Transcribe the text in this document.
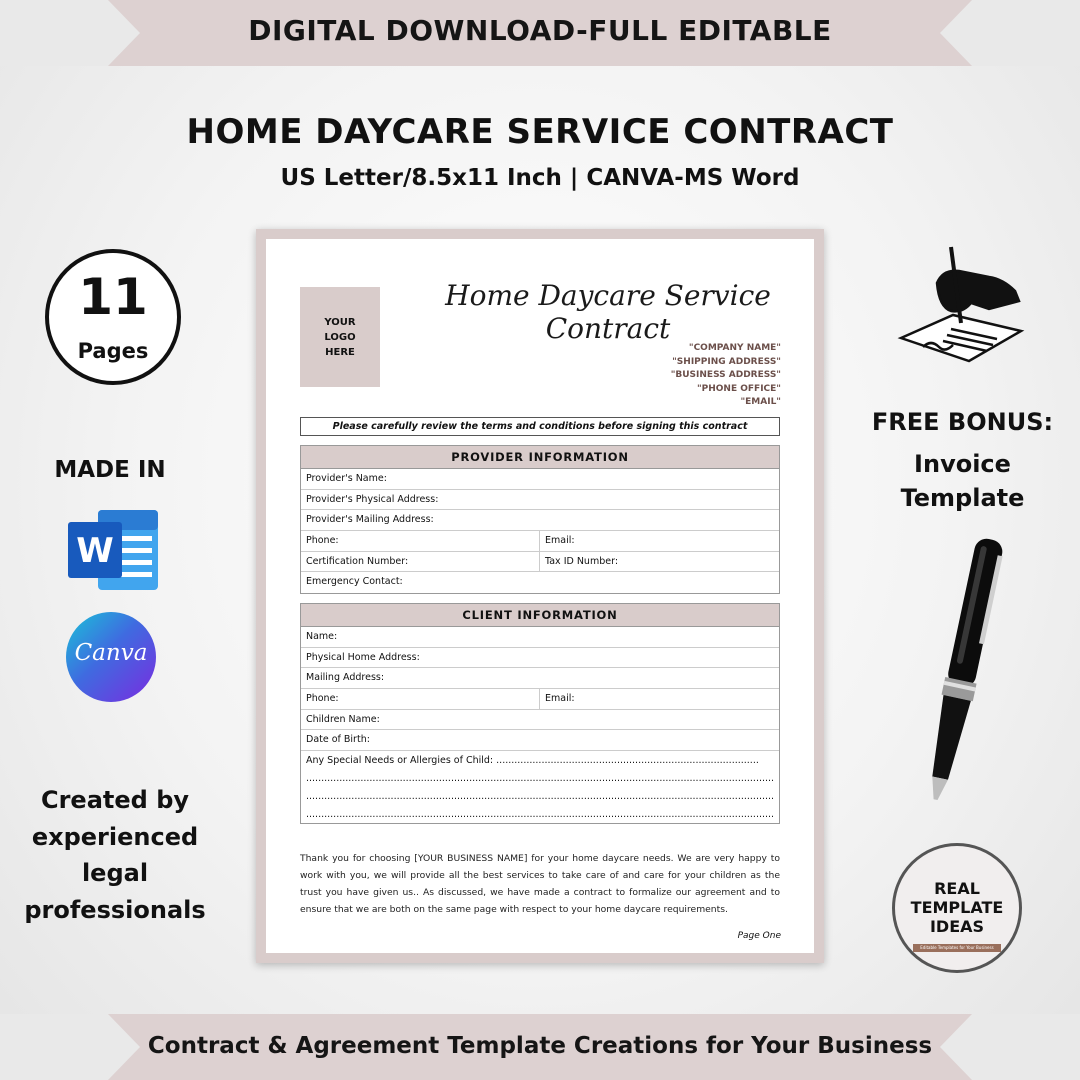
DIGITAL DOWNLOAD-FULL EDITABLE
HOME DAYCARE SERVICE CONTRACT
US Letter/8.5x11 Inch | CANVA-MS Word
11
Pages
MADE IN
W
Canva
Created by
experienced
legal
professionals
FREE BONUS:
Invoice
Template
REAL
TEMPLATE
IDEAS
Editable Templates for Your Business
YOUR
LOGO
HERE
Home Daycare Service Contract
"COMPANY NAME"
"SHIPPING ADDRESS"
"BUSINESS ADDRESS"
"PHONE OFFICE"
"EMAIL"
Please carefully review the terms and conditions before signing this contract
PROVIDER INFORMATION
Provider's Name:
Provider's Physical Address:
Provider's Mailing Address:
Phone:	Email:
Certification Number:	Tax ID Number:
Emergency Contact:
CLIENT INFORMATION
Name:
Physical Home Address:
Mailing Address:
Phone:	Email:
Children Name:
Date of Birth:
Any Special Needs or Allergies of Child: .......................................................................................
...........................................................................................................................................................
...........................................................................................................................................................
...........................................................................................................................................................
Thank you for choosing [YOUR BUSINESS NAME] for your home daycare needs. We are very happy to work with you, we will provide all the best services to take care of and care for your children as the trust you have given us.. As discussed, we have made a contract to formalize our agreement and to ensure that we are both on the same page with respect to your home daycare requirements.
Page One
Contract & Agreement Template Creations for Your Business
